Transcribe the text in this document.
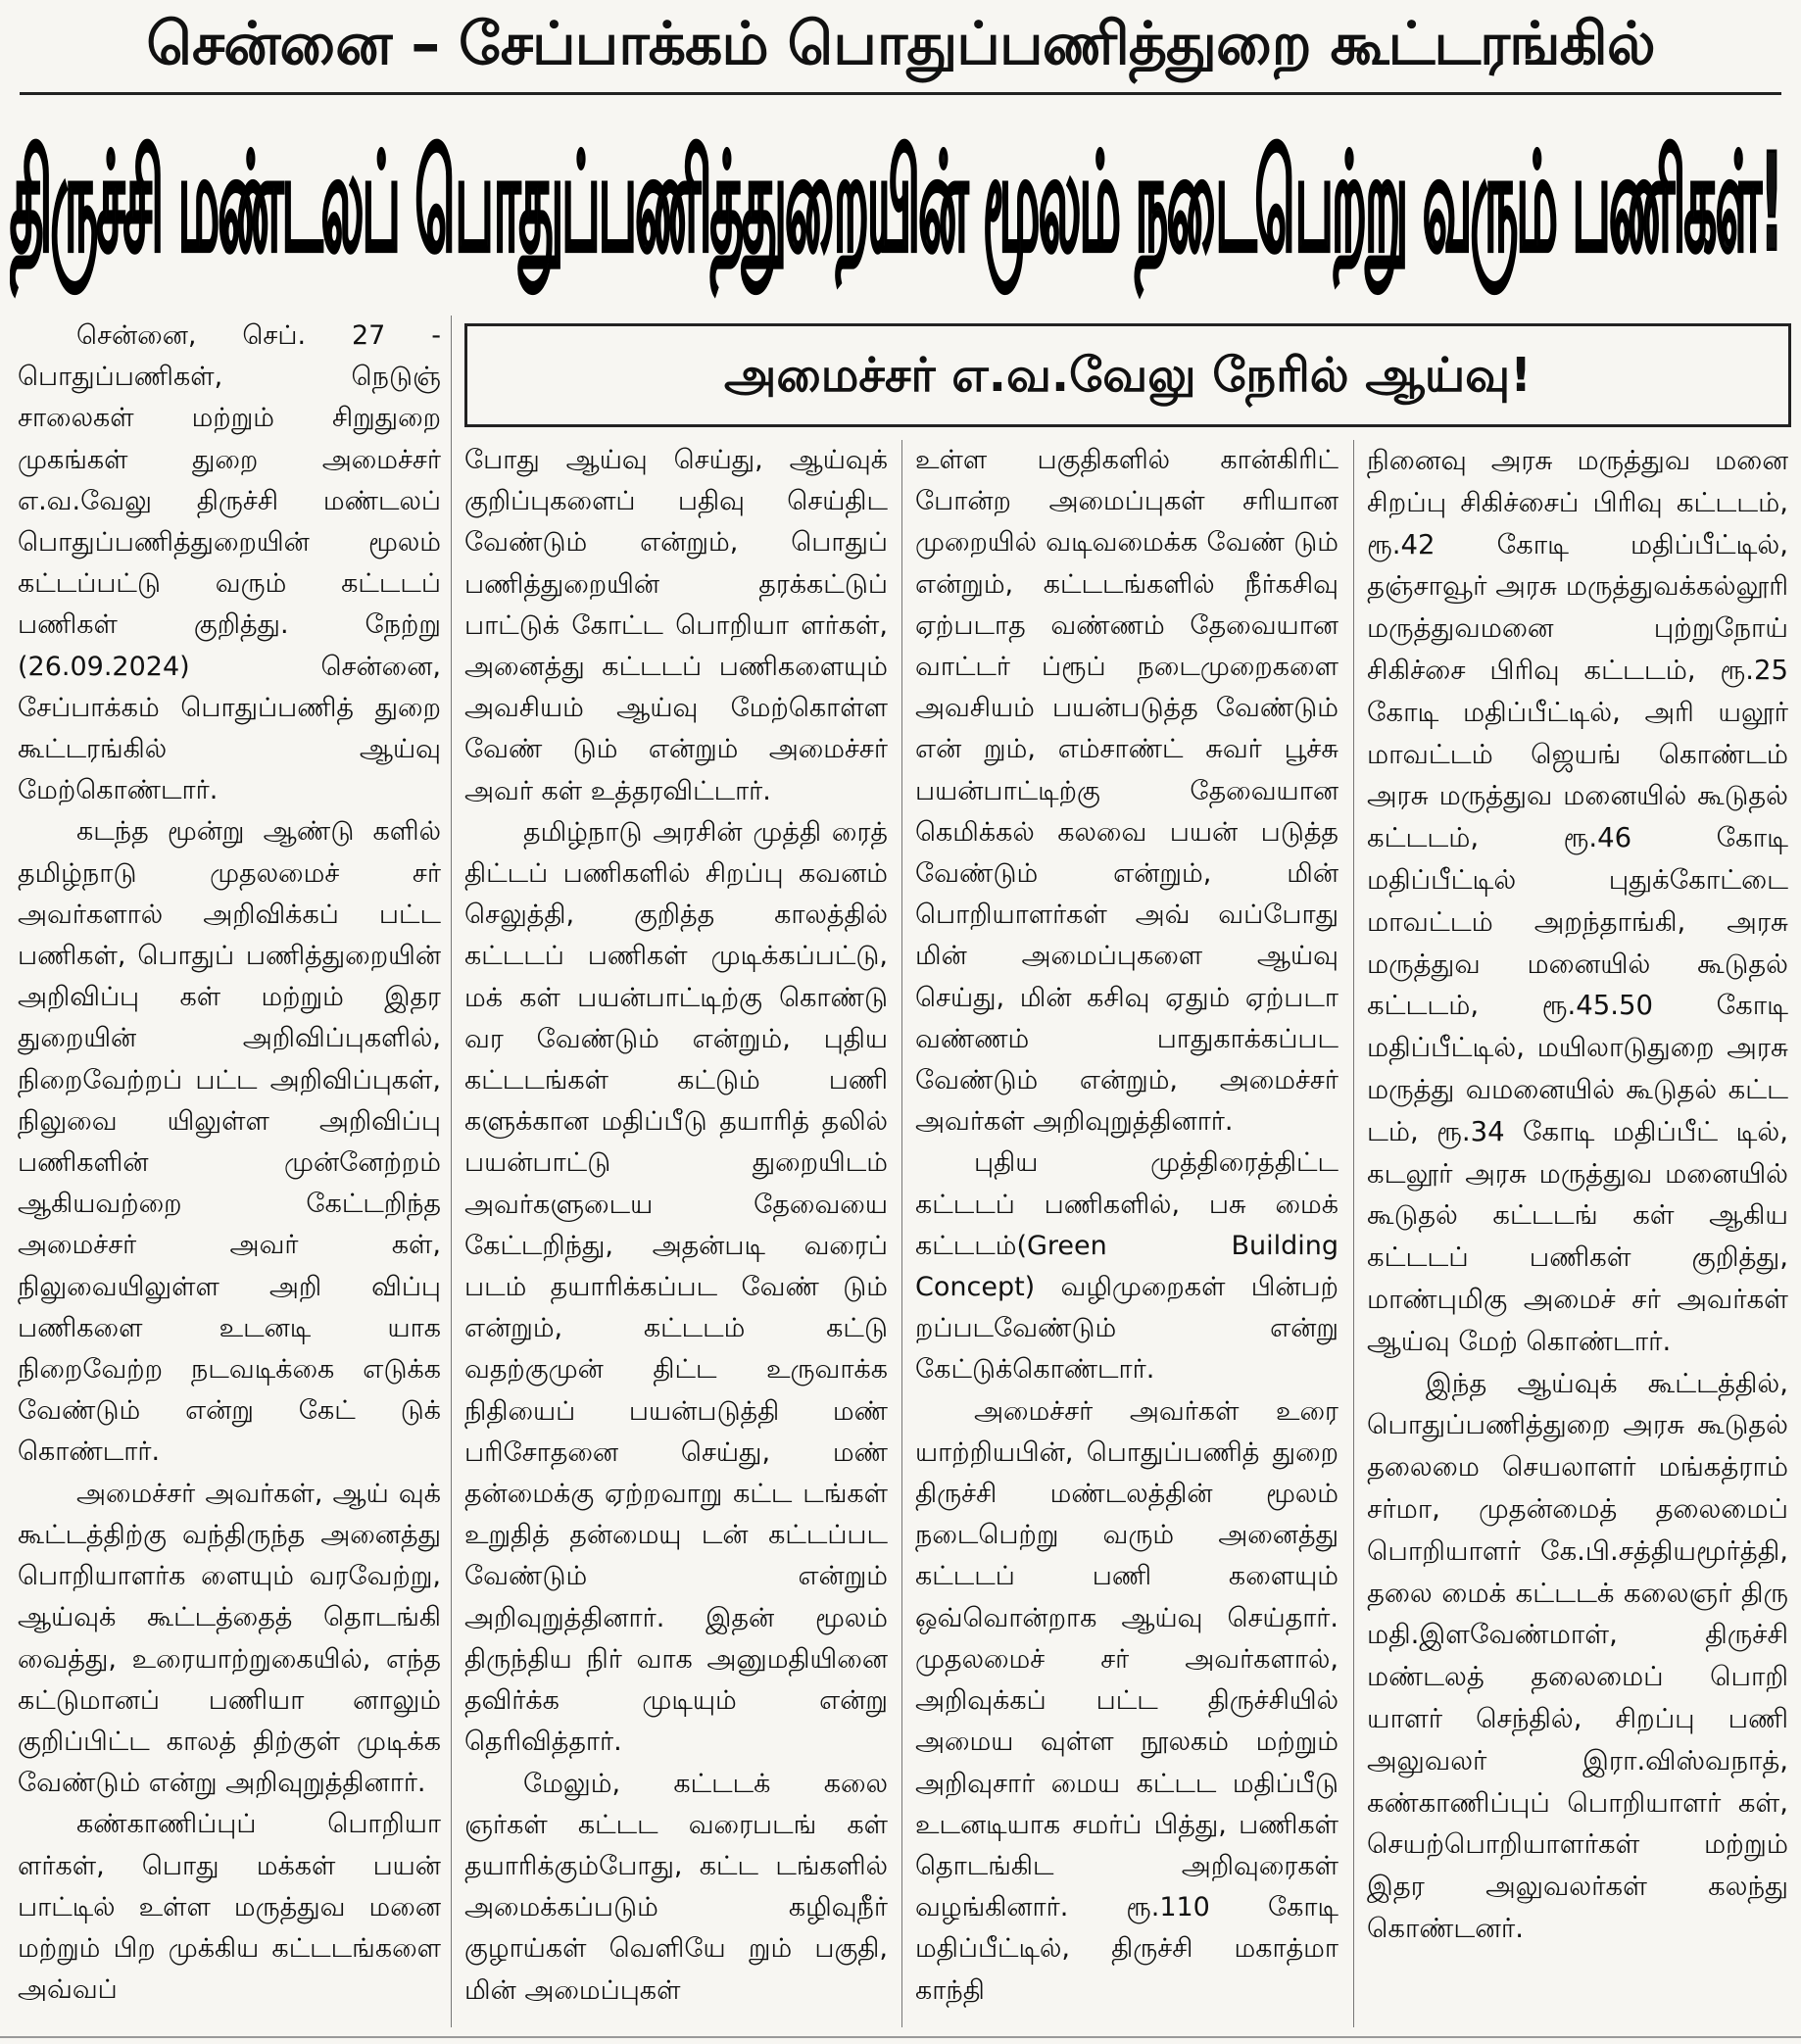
சென்னை – சேப்பாக்கம் பொதுப்பணித்துறை கூட்டரங்கில்
திருச்சி மண்டலப் பொதுப்பணித்துறையின் மூலம் நடைபெற்று வரும் பணிகள்!
அமைச்சர் எ.வ.வேலு நேரில் ஆய்வு!

சென்னை, செப். 27 - பொதுப்பணிகள், நெடுஞ் சாலைகள் மற்றும் சிறுதுறை முகங்கள் துறை அமைச்சர் எ.வ.வேலு திருச்சி மண்டலப் பொதுப்பணித்துறையின் மூலம் கட்டப்பட்டு வரும் கட்டடப் பணிகள் குறித்து. நேற்று (26.09.2024) சென்னை, சேப்பாக்கம் பொதுப்பணித் துறை கூட்டரங்கில் ஆய்வு மேற்கொண்டார்.

கடந்த மூன்று ஆண்டு களில் தமிழ்நாடு முதலமைச் சர் அவர்களால் அறிவிக்கப் பட்ட பணிகள், பொதுப் பணித்துறையின் அறிவிப்பு கள் மற்றும் இதர துறையின் அறிவிப்புகளில், நிறைவேற்றப் பட்ட அறிவிப்புகள், நிலுவை யிலுள்ள அறிவிப்பு பணிகளின் முன்னேற்றம் ஆகியவற்றை கேட்டறிந்த அமைச்சர் அவர் கள், நிலுவையிலுள்ள அறி விப்பு பணிகளை உடனடி யாக நிறைவேற்ற நடவடிக்கை எடுக்க வேண்டும் என்று கேட் டுக் கொண்டார்.

அமைச்சர் அவர்கள், ஆய் வுக் கூட்டத்திற்கு வந்திருந்த அனைத்து பொறியாளர்க ளையும் வரவேற்று, ஆய்வுக் கூட்டத்தைத் தொடங்கி வைத்து, உரையாற்றுகையில், எந்த கட்டுமானப் பணியா னாலும் குறிப்பிட்ட காலத் திற்குள் முடிக்க வேண்டும் என்று அறிவுறுத்தினார்.

கண்காணிப்புப் பொறியா ளர்கள், பொது மக்கள் பயன் பாட்டில் உள்ள மருத்துவ மனை மற்றும் பிற முக்கிய கட்டடங்களை அவ்வப்

போது ஆய்வு செய்து, ஆய்வுக் குறிப்புகளைப் பதிவு செய்திட வேண்டும் என்றும், பொதுப் பணித்துறையின் தரக்கட்டுப் பாட்டுக் கோட்ட பொறியா ளர்கள், அனைத்து கட்டடப் பணிகளையும் அவசியம் ஆய்வு மேற்கொள்ள வேண் டும் என்றும் அமைச்சர் அவர் கள் உத்தரவிட்டார்.

தமிழ்நாடு அரசின் முத்தி ரைத் திட்டப் பணிகளில் சிறப்பு கவனம் செலுத்தி, குறித்த காலத்தில் கட்டடப் பணிகள் முடிக்கப்பட்டு, மக் கள் பயன்பாட்டிற்கு கொண்டு வர வேண்டும் என்றும், புதிய கட்டடங்கள் கட்டும் பணி களுக்கான மதிப்பீடு தயாரித் தலில் பயன்பாட்டு துறையிடம் அவர்களுடைய தேவையை கேட்டறிந்து, அதன்படி வரைப் படம் தயாரிக்கப்பட வேண் டும் என்றும், கட்டடம் கட்டு வதற்குமுன் திட்ட உருவாக்க நிதியைப் பயன்படுத்தி மண் பரிசோதனை செய்து, மண் தன்மைக்கு ஏற்றவாறு கட்ட டங்கள் உறுதித் தன்மையு டன் கட்டப்பட வேண்டும் என்றும் அறிவுறுத்தினார். இதன் மூலம் திருந்திய நிர் வாக அனுமதியினை தவிர்க்க முடியும் என்று தெரிவித்தார்.

மேலும், கட்டடக் கலை ஞர்கள் கட்டட வரைபடங் கள் தயாரிக்கும்போது, கட்ட டங்களில் அமைக்கப்படும் கழிவுநீர் குழாய்கள் வெளியே றும் பகுதி, மின் அமைப்புகள்

உள்ள பகுதிகளில் கான்கிரிட் போன்ற அமைப்புகள் சரியான முறையில் வடிவமைக்க வேண் டும் என்றும், கட்டடங்களில் நீர்கசிவு ஏற்படாத வண்ணம் தேவையான வாட்டர் ப்ரூப் நடைமுறைகளை அவசியம் பயன்படுத்த வேண்டும் என் றும், எம்சாண்ட் சுவர் பூச்சு பயன்பாட்டிற்கு தேவையான கெமிக்கல் கலவை பயன் படுத்த வேண்டும் என்றும், மின் பொறியாளர்கள் அவ் வப்போது மின் அமைப்புகளை ஆய்வு செய்து, மின் கசிவு ஏதும் ஏற்படா வண்ணம் பாதுகாக்கப்பட வேண்டும் என்றும், அமைச்சர் அவர்கள் அறிவுறுத்தினார்.

புதிய முத்திரைத்திட்ட கட்டடப் பணிகளில், பசு மைக் கட்டடம்(Green Building Concept) வழிமுறைகள் பின்பற் றப்படவேண்டும் என்று கேட்டுக்கொண்டார்.

அமைச்சர் அவர்கள் உரை யாற்றியபின், பொதுப்பணித் துறை திருச்சி மண்டலத்தின் மூலம் நடைபெற்று வரும் அனைத்து கட்டடப் பணி களையும் ஒவ்வொன்றாக ஆய்வு செய்தார். முதலமைச் சர் அவர்களால், அறிவுக்கப் பட்ட திருச்சியில் அமைய வுள்ள நூலகம் மற்றும் அறிவுசார் மைய கட்டட மதிப்பீடு உடனடியாக சமர்ப் பித்து, பணிகள் தொடங்கிட அறிவுரைகள் வழங்கினார். ரூ.110 கோடி மதிப்பீட்டில், திருச்சி மகாத்மா காந்தி

நினைவு அரசு மருத்துவ மனை சிறப்பு சிகிச்சைப் பிரிவு கட்டடம், ரூ.42 கோடி மதிப்பீட்டில், தஞ்சாவூர் அரசு மருத்துவக்கல்லூரி மருத்துவமனை புற்றுநோய் சிகிச்சை பிரிவு கட்டடம், ரூ.25 கோடி மதிப்பீட்டில், அரி யலூர் மாவட்டம் ஜெயங் கொண்டம் அரசு மருத்துவ மனையில் கூடுதல் கட்டடம், ரூ.46 கோடி மதிப்பீட்டில் புதுக்கோட்டை மாவட்டம் அறந்தாங்கி, அரசு மருத்துவ மனையில் கூடுதல் கட்டடம், ரூ.45.50 கோடி மதிப்பீட்டில், மயிலாடுதுறை அரசு மருத்து வமனையில் கூடுதல் கட்ட டம், ரூ.34 கோடி மதிப்பீட் டில், கடலூர் அரசு மருத்துவ மனையில் கூடுதல் கட்டடங் கள் ஆகிய கட்டடப் பணிகள் குறித்து, மாண்புமிகு அமைச் சர் அவர்கள் ஆய்வு மேற் கொண்டார்.

இந்த ஆய்வுக் கூட்டத்தில், பொதுப்பணித்துறை அரசு கூடுதல் தலைமை செயலாளர் மங்கத்ராம் சர்மா, முதன்மைத் தலைமைப் பொறியாளர் கே.பி.சத்தியமூர்த்தி, தலை மைக் கட்டடக் கலைஞர் திரு மதி.இளவேண்மாள், திருச்சி மண்டலத் தலைமைப் பொறி யாளர் செந்தில், சிறப்பு பணி அலுவலர் இரா.விஸ்வநாத், கண்காணிப்புப் பொறியாளர் கள், செயற்பொறியாளர்கள் மற்றும் இதர அலுவலர்கள் கலந்து கொண்டனர்.
